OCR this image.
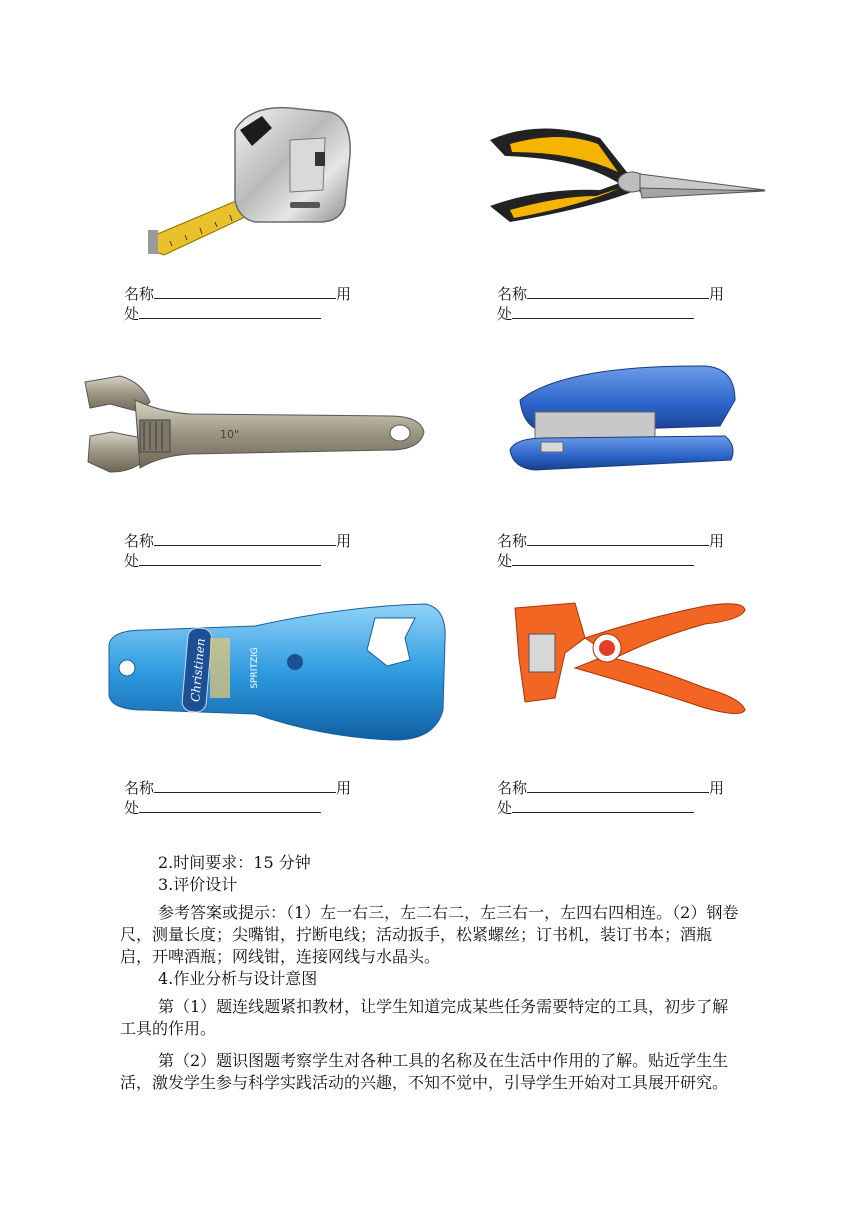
名称	用
处
名称	用
处
10"
名称	用
处
名称	用
处
Christinen	SPRITZIG
名称	用
处
名称	用
处

2.时间要求：15 分钟

3.评价设计

参考答案或提示：（1）左一右三，左二右二，左三右一，左四右四相连。（2）钢卷尺，测量长度；尖嘴钳，拧断电线；活动扳手，松紧螺丝；订书机，装订书本；酒瓶启，开啤酒瓶；网线钳，连接网线与水晶头。

4.作业分析与设计意图

第（1）题连线题紧扣教材，让学生知道完成某些任务需要特定的工具，初步了解工具的作用。

第（2）题识图题考察学生对各种工具的名称及在生活中作用的了解。贴近学生生活，激发学生参与科学实践活动的兴趣，不知不觉中，引导学生开始对工具展开研究。
